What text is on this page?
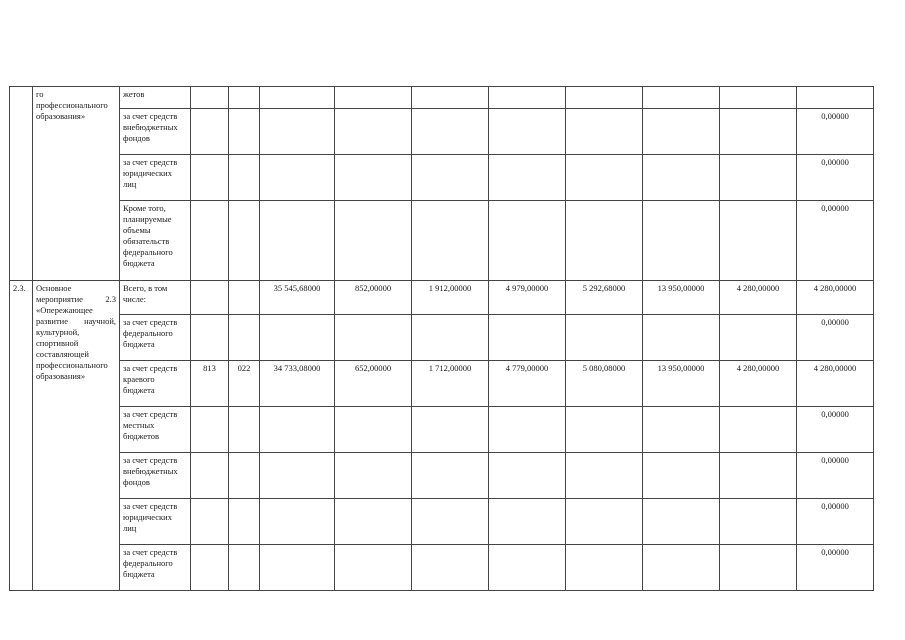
	го профессионального образования»	жетов										
		за счет средств внебюджетных фондов										0,00000
		за счет средств юридических лиц										0,00000
		Кроме того, планируемые объемы обязательств федерального бюджета										0,00000
2.3.	Основное мероприятие 2.3 «Опережающее развитие научной, культурной, спортивной составляющей профессионального образования»	Всего, в том числе:			35 545,68000	852,00000	1 912,00000	4 979,00000	5 292,68000	13 950,00000	4 280,00000	4 280,00000
		за счет средств федерального бюджета										0,00000
		за счет средств краевого бюджета	813	022	34 733,08000	652,00000	1 712,00000	4 779,00000	5 080,08000	13 950,00000	4 280,00000	4 280,00000
		за счет средств местных бюджетов										0,00000
		за счет средств внебюджетных фондов										0,00000
		за счет средств юридических лиц										0,00000
		за счет средств федерального бюджета										0,00000
